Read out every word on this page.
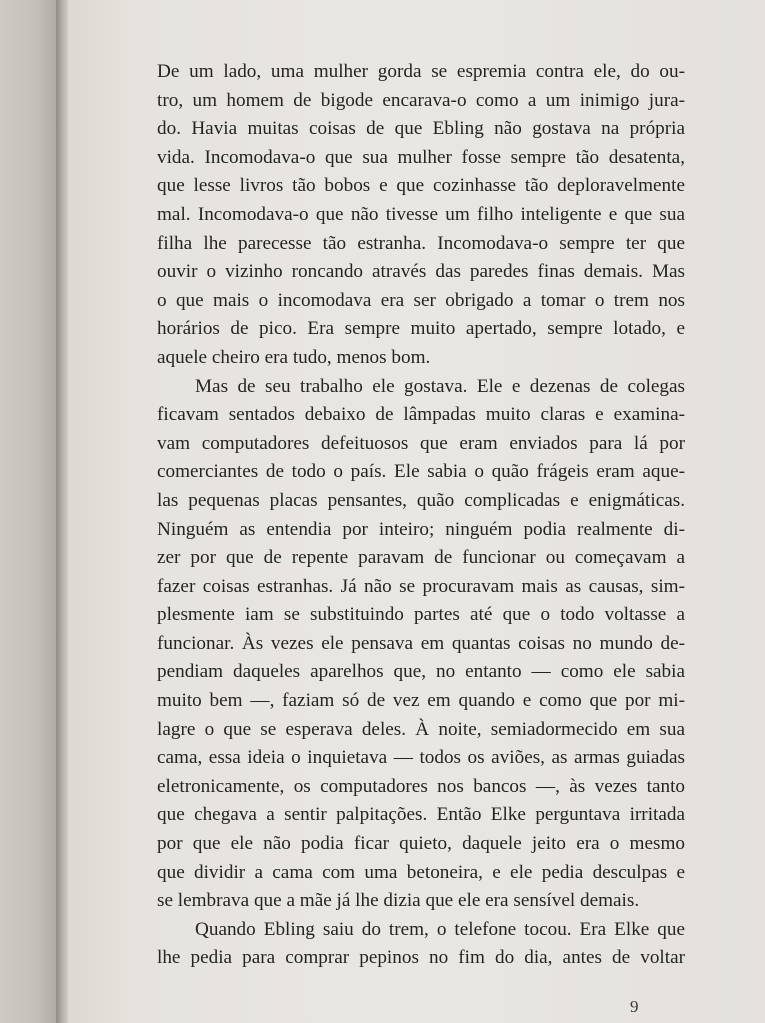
De um lado, uma mulher gorda se espremia contra ele, do ou-
tro, um homem de bigode encarava-o como a um inimigo jura-
do. Havia muitas coisas de que Ebling não gostava na própria
vida. Incomodava-o que sua mulher fosse sempre tão desatenta,
que lesse livros tão bobos e que cozinhasse tão deploravelmente
mal. Incomodava-o que não tivesse um filho inteligente e que sua
filha lhe parecesse tão estranha. Incomodava-o sempre ter que
ouvir o vizinho roncando através das paredes finas demais. Mas
o que mais o incomodava era ser obrigado a tomar o trem nos
horários de pico. Era sempre muito apertado, sempre lotado, e
aquele cheiro era tudo, menos bom.
Mas de seu trabalho ele gostava. Ele e dezenas de colegas
ficavam sentados debaixo de lâmpadas muito claras e examina-
vam computadores defeituosos que eram enviados para lá por
comerciantes de todo o país. Ele sabia o quão frágeis eram aque-
las pequenas placas pensantes, quão complicadas e enigmáticas.
Ninguém as entendia por inteiro; ninguém podia realmente di-
zer por que de repente paravam de funcionar ou começavam a
fazer coisas estranhas. Já não se procuravam mais as causas, sim-
plesmente iam se substituindo partes até que o todo voltasse a
funcionar. Às vezes ele pensava em quantas coisas no mundo de-
pendiam daqueles aparelhos que, no entanto — como ele sabia
muito bem —, faziam só de vez em quando e como que por mi-
lagre o que se esperava deles. À noite, semiadormecido em sua
cama, essa ideia o inquietava — todos os aviões, as armas guiadas
eletronicamente, os computadores nos bancos —, às vezes tanto
que chegava a sentir palpitações. Então Elke perguntava irritada
por que ele não podia ficar quieto, daquele jeito era o mesmo
que dividir a cama com uma betoneira, e ele pedia desculpas e
se lembrava que a mãe já lhe dizia que ele era sensível demais.
Quando Ebling saiu do trem, o telefone tocou. Era Elke que
lhe pedia para comprar pepinos no fim do dia, antes de voltar
9
